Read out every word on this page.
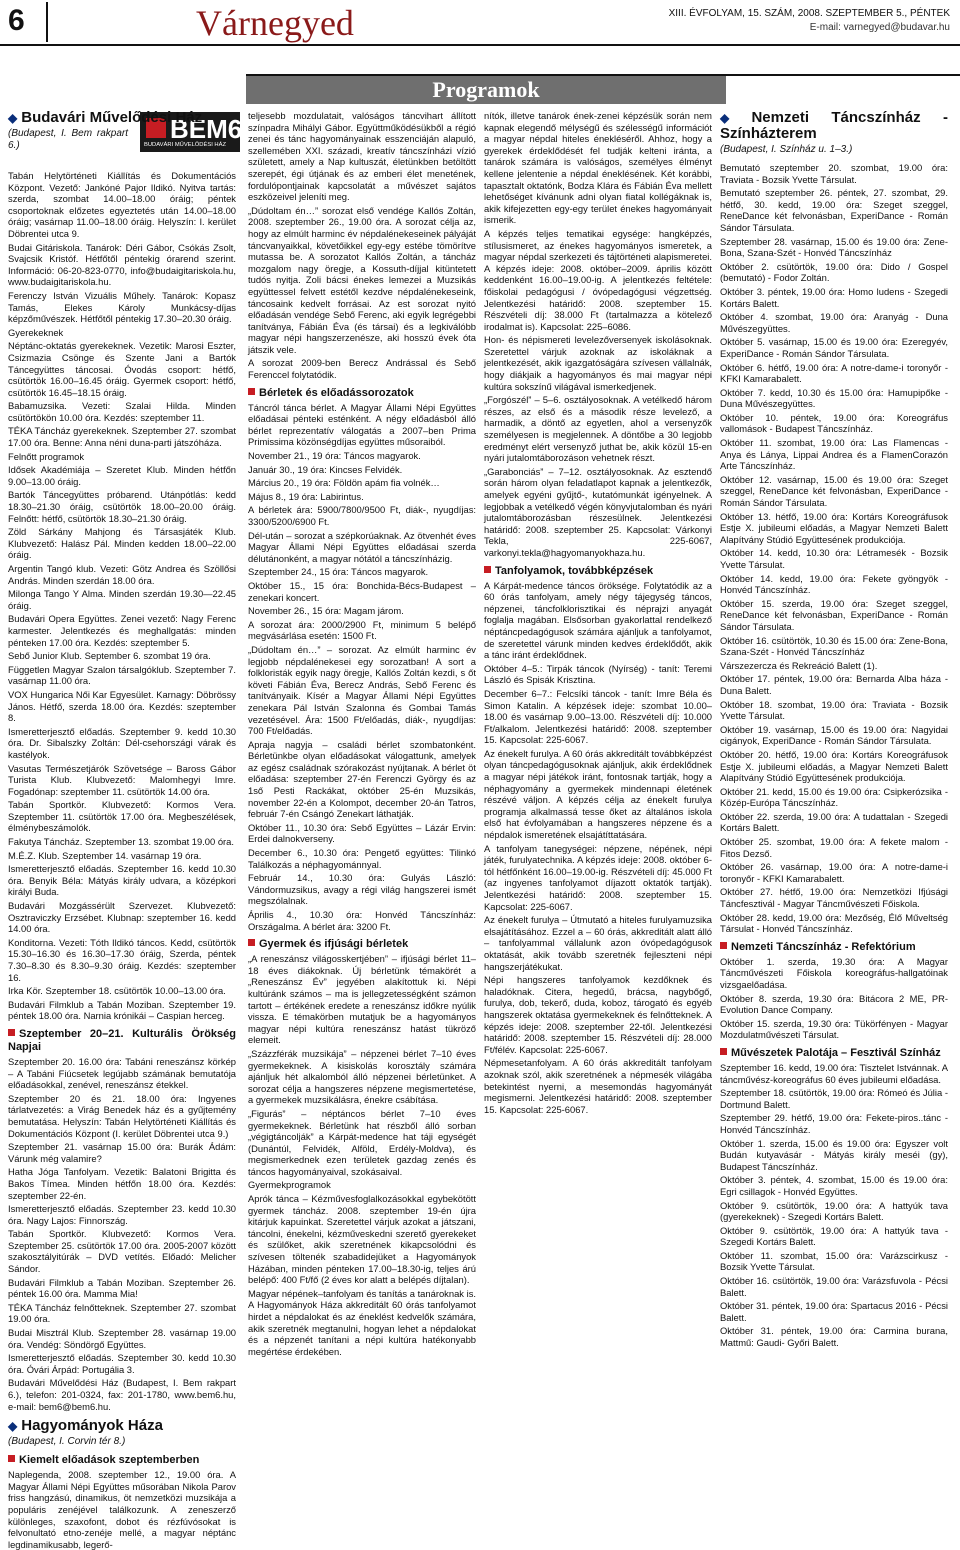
6	Várnegyed	XIII. ÉVFOLYAM, 15. SZÁM, 2008. SZEPTEMBER 5., PÉNTEK
E-mail: varnegyed@budavar.hu
Programok
BEM6
BUDAVÁRI MŰVELŐDÉSI HÁZ
◆ Budavári Művelődési Ház
(Budapest, I. Bem rakpart 6.)

Tabán Helytörténeti Kiállítás és Dokumentációs Központ. Vezető: Jankóné Pajor Ildikó. Nyitva tartás: szerda, szombat 14.00–18.00 óráig; péntek csoportoknak előzetes egyeztetés után 14.00–18.00 óráig; vasárnap 11.00–18.00 óráig. Helyszín: I. kerület Döbrentei utca 9.

Budai Gitáriskola. Tanárok: Déri Gábor, Csókás Zsolt, Svajcsik Kristóf. Hétfőtől péntekig órarend szerint. Információ: 06-20-823-0770, info@budaigitariskola.hu, www.budaigitariskola.hu.

Ferenczy István Vizuális Műhely. Tanárok: Kopasz Tamás, Elekes Károly Munkácsy-díjas képzőművészek. Hétfőtől péntekig 17.30–20.30 óráig.

Gyerekeknek

Néptánc-oktatás gyerekeknek. Vezetik: Marosi Eszter, Csizmazia Csönge és Szente Jani a Bartók Táncegyüttes táncosai. Óvodás csoport: hétfő, csütörtök 16.00–16.45 óráig. Gyermek csoport: hétfő, csütörtök 16.45–18.15 óráig.

Babamuzsika. Vezeti: Szalai Hilda. Minden csütörtökön 10.00 óra. Kezdés: szeptember 11.

TÉKA Táncház gyerekeknek. Szeptember 27. szombat 17.00 óra. Benne: Anna néni duna-parti játszóháza.

Felnőtt programok

Idősek Akadémiája – Szeretet Klub. Minden hétfőn 9.00–13.00 óráig.

Bartók Táncegyüttes próbarend. Utánpótlás: kedd 18.30–21.30 óráig, csütörtök 18.00–20.00 óráig. Felnőtt: hétfő, csütörtök 18.30–21.30 óráig.

Zöld Sárkány Mahjong és Társasjáték Klub. Klubvezető: Halász Pál. Minden kedden 18.00–22.00 óráig.

Argentin Tangó klub. Vezeti: Götz Andrea és Szöllősi András. Minden szerdán 18.00 óra.

Milonga Tango Y Alma. Minden szerdán 19.30—22.45 óráig.

Budavári Opera Együttes. Zenei vezető: Nagy Ferenc karmester. Jelentkezés és meghallgatás: minden pénteken 17.00 óra. Kezdés: szeptember 5.

Sebő Junior Klub. September 6. szombat 19 óra.

Független Magyar Szalon társalgóklub. Szeptember 7. vasárnap 11.00 óra.

VOX Hungarica Női Kar Egyesület. Karnagy: Döbrössy János. Hétfő, szerda 18.00 óra. Kezdés: szeptember 8.

Ismeretterjesztő előadás. Szeptember 9. kedd 10.30 óra. Dr. Sibalszky Zoltán: Dél-csehországi várak és kastélyok.

Vasutas Természetjárók Szövetsége – Baross Gábor Turista Klub. Klubvezető: Malomhegyi Imre. Fogadónap: szeptember 11. csütörtök 14.00 óra.

Tabán Sportkör. Klubvezető: Kormos Vera. Szeptember 11. csütörtök 17.00 óra. Megbeszélések, élménybeszámolók.

Fakutya Táncház. Szeptember 13. szombat 19.00 óra.

M.É.Z. Klub. Szeptember 14. vasárnap 19 óra.

Ismeretterjesztő előadás. Szeptember 16. kedd 10.30 óra. Benyik Béla: Mátyás király udvara, a középkori királyi Buda.

Budavári Mozgássérült Szervezet. Klubvezető: Osztraviczky Erzsébet. Klubnap: szeptember 16. kedd 14.00 óra.

Konditorna. Vezeti: Tóth Ildikó táncos. Kedd, csütörtök 15.30–16.30 és 16.30–17.30 óráig, Szerda, péntek 7.30–8.30 és 8.30–9.30 óráig. Kezdés: szeptember 16.

Irka Kör. Szeptember 18. csütörtök 10.00–13.00 óra.

Budavári Filmklub a Tabán Moziban. Szeptember 19. péntek 18.00 óra. Narnia krónikái – Caspian herceg.

Szeptember 20–21. Kulturális Örökség Napjai

Szeptember 20. 16.00 óra: Tabáni reneszánsz körkép – A Tabáni Fiúcsetek legújabb számának bemutatója előadásokkal, zenével, reneszánsz étekkel.

Szeptember 20 és 21. 18.00 óra: Ingyenes tárlatvezetés: a Virág Benedek ház és a gyűjtemény bemutatása. Helyszín: Tabán Helytörténeti Kiállítás és Dokumentációs Központ (I. kerület Döbrentei utca 9.)

Szeptember 21. vasárnap 15.00 óra: Burák Ádám: Várunk még valamire?

Hatha Jóga Tanfolyam. Vezetik: Balatoni Brigitta és Bakos Tímea. Minden hétfőn 18.00 óra. Kezdés: szeptember 22-én.

Ismeretterjesztő előadás. Szeptember 23. kedd 10.30 óra. Nagy Lajos: Finnország.

Tabán Sportkör. Klubvezető: Kormos Vera. Szeptember 25. csütörtök 17.00 óra. 2005-2007 között szakosztályitúrák – DVD vetítés. Előadó: Melicher Sándor.

Budavári Filmklub a Tabán Moziban. Szeptember 26. péntek 16.00 óra. Mamma Mia!

TÉKA Táncház felnőtteknek. Szeptember 27. szombat 19.00 óra.

Budai Misztrál Klub. Szeptember 28. vasárnap 19.00 óra. Vendég: Söndörgő Együttes.

Ismeretterjesztő előadás. Szeptember 30. kedd 10.30 óra. Óvári Árpád: Portugália 3.

Budavári Művelődési Ház (Budapest, I. Bem rakpart 6.), telefon: 201-0324, fax: 201-1780, www.bem6.hu, e-mail: bem6@bem6.hu.

◆ Hagyományok Háza
(Budapest, I. Corvin tér 8.)
Kiemelt előadások szeptemberben

Naplegenda, 2008. szeptember 12., 19.00 óra. A Magyar Állami Népi Együttes műsorában Nikola Parov friss hangzású, dinamikus, öt nemzetközi muzsikája a populáris zenéjével találkozunk. A zeneszerző különleges, szaxofont, dobot és rézfúvósokat is felvonultató etno-zenéje mellé, a magyar néptánc legdinamikusabb, legerő-

teljesebb mozdulatait, valóságos táncvihart állított színpadra Mihályi Gábor. Együttműködésükből a régió zenei és tánc hagyományainak esszenciáján alapuló, szellemében XXI. századi, kreatív táncszínházi vízió született, amely a Nap kultuszát, életünkben betöltött szerepét, égi útjának és az emberi élet menetének, fordulópontjainak kapcsolatát a művészet sajátos eszközeivel jeleníti meg.

„Dúdoltam én…” sorozat első vendége Kallós Zoltán, 2008. szeptember 26., 19.00 óra. A sorozat célja az, hogy az elmúlt harminc év népdalénekeseinek pályáját táncvanyaikkal, követőikkel egy-egy estébe tömörítve mutassa be. A sorozatot Kallós Zoltán, a táncház mozgalom nagy öregje, a Kossuth-díjjal kitüntetett tudós nyitja. Zoli bácsi énekes lemezei a Muzsikás együttessel felvett estétől kezdve népdalénekeseink, táncosaink kedvelt forrásai. Az est sorozat nyitó előadásán vendége Sebő Ferenc, aki egyik legrégebbi tanítványa, Fábián Éva (és társai) és a legkiválóbb magyar népi hangszerzenésze, aki hosszú évek óta játszik vele.

A sorozat 2009-ben Berecz Andrással és Sebő Ferenccel folytatódik.

Bérletek és előadássorozatok

Táncról tánca bérlet. A Magyar Állami Népi Együttes előadásai pénteki esténként. A négy előadásból álló bérlet reprezentatív válogatás a 2007–ben Prima Primissima közönségdíjas együttes műsoraiból.

November 21., 19 óra: Táncos magyarok.

Január 30., 19 óra: Kincses Felvidék.

Március 20., 19 óra: Földön apám fia volnék…

Május 8., 19 óra: Labirintus.

A bérletek ára: 5900/7800/9500 Ft, diák-, nyugdíjas: 3300/5200/6900 Ft.

Dél-után – sorozat a szépkorúaknak. Az ötvenhét éves Magyar Állami Népi Együttes előadásai szerda délutánonként, a magyar nótától a táncszínházig.

Szeptember 24., 15 óra: Táncos magyarok.

Október 15., 15 óra: Bonchida-Bécs-Budapest – zenekari koncert.

November 26., 15 óra: Magam járom.

A sorozat ára: 2000/2900 Ft, minimum 5 belépő megvásárlása esetén: 1500 Ft.

„Dúdoltam én…” – sorozat. Az elmúlt harminc év legjobb népdalénekesei egy sorozatban! A sort a folkloristák egyik nagy öregje, Kallós Zoltán kezdi, s őt követi Fábián Éva, Berecz András, Sebő Ferenc és tanítványaik. Kísér a Magyar Állami Népi Együttes zenekara Pál István Szalonna és Gombai Tamás vezetésével. Ára: 1500 Ft/előadás, diák-, nyugdíjas: 700 Ft/előadás.

Apraja nagyja – családi bérlet szombatonként. Bérletünkbe olyan előadásokat válogattunk, amelyek az egész családnak szórakozást nyújtanak. A bérlet öt előadása: szeptember 27-én Ferenczi György és az 1ső Pesti Rackákat, október 25-én Muzsikás, november 22-én a Kolompot, december 20-án Tatros, február 7-én Csángó Zenekart láthatják.

Október 11., 10.30 óra: Sebő Együttes – Lázár Ervin: Erdei dalnokverseny.

December 6., 10.30 óra: Pengető együttes: Tilinkó Találkozás a néphagyománnyal.

Február 14., 10.30 óra: Gulyás László: Vándormuzsikus, avagy a régi világ hangszerei ismét megszólalnak.

Április 4., 10.30 óra: Honvéd Táncszínház: Országalma. A bérlet ára: 3200 Ft.

Gyermek és ifjúsági bérletek

„A reneszánsz világosskertjében” – ifjúsági bérlet 11–18 éves diákoknak. Új bérletünk témakörét a „Reneszánsz Év” jegyében alakítottuk ki. Népi kultúránk számos – ma is jellegzetességként számon tartott – értékének eredete a reneszánsz időkre nyúlik vissza. E témakörben mutatjuk be a hagyományos magyar népi kultúra reneszánsz hatást tükröző elemeit.

„Százzférák muzsikája” – népzenei bérlet 7–10 éves gyermekeknek. A kisiskolás korosztály számára ajánljuk hét alkalomból álló népzenei bérletünket. A sorozat célja a hangszeres népzene megismertetése, a gyermekek muzsikálásra, énekre csábítása.

„Figurás” – néptáncos bérlet 7–10 éves gyermekeknek. Bérletünk hat részből álló sorban „végigtáncolják” a Kárpát-medence hat táji egységét (Dunántúl, Felvidék, Alföld, Erdély-Moldva), és megismerkednek ezen területek gazdag zenés és táncos hagyományaival, szokásaival.

Gyermekprogramok

Aprók tánca – Kézművesfoglalkozásokkal egybekötött gyermek táncház. 2008. szeptember 19-én újra kitárjuk kapuinkat. Szeretettel várjuk azokat a játszani, táncolni, énekelni, kézműveskedni szerető gyerekeket és szülőket, akik szeretnének kikapcsolódni és szívesen töltenék szabadidejüket a Hagyományok Házában, minden pénteken 17.00–18.30-ig, teljes árú belépő: 400 Ft/fő (2 éves kor alatt a belépés díjtalan).

Magyar népének–tanfolyam és tanítás a tanároknak is. A Hagyományok Háza akkreditált 60 órás tanfolyamot hirdet a népdalokat és az éneklést kedvelők számára, akik szeretnék megtanulni, hogyan lehet a népdalokat és a népzenét tanítani a népi kultúra hatékonyabb megértése érdekében.

nítók, illetve tanárok ének-zenei képzésük során nem kapnak elegendő mélységű és szélességű információt a magyar népdal hiteles énekléséről. Ahhoz, hogy a gyerekek érdeklődését fel tudják kelteni iránta, a tanárok számára is valóságos, személyes élményt kellene jelentenie a népdal éneklésének. Két korábbi, tapasztalt oktatónk, Bodza Klára és Fábián Éva mellett lehetőséget kívánunk adni olyan fiatal kollégáknak is, akik kifejezetten egy-egy terület énekes hagyományait ismerik.

A képzés teljes tematikai egysége: hangképzés, stílusismeret, az énekes hagyományos ismeretek, a magyar népdal szerkezeti és tájtörténeti alapismeretei. A képzés ideje: 2008. október–2009. április között keddenként 16.00–19.00-ig. A jelentkezés feltétele: főiskolai pedagógusi / óvópedagógusi végzettség. Jelentkezési határidő: 2008. szeptember 15. Részvételi díj: 38.000 Ft (tartalmazza a kötelező irodalmat is). Kapcsolat: 225–6086.

Hon- és népismereti levelezőversenyek iskolásoknak. Szeretettel várjuk azoknak az iskoláknak a jelentkezését, akik igazgatóságára szívesen vállalnák, hogy diákjaik a hagyományos és mai magyar népi kultúra sokszínű világával ismerkedjenek.

„Forgószél” – 5–6. osztályosoknak. A vetélkedő három részes, az első és a második része levelező, a harmadik, a döntő az egyetlen, ahol a versenyzők személyesen is megjelennek. A döntőbe a 30 legjobb eredményt elért versenyző juthat be, akik közül 15-en nyári jutalomtáborozáson vehetnek részt.

„Garabonciás” – 7–12. osztályosoknak. Az esztendő során három olyan feladatlapot kapnak a jelentkezők, amelyek egyéni gyűjtő-, kutatómunkát igényelnek. A legjobbak a vetélkedő végén könyvjutalomban és nyári jutalomtáborozásban részesülnek. Jelentkezési határidő: 2008. szeptember 25. Kapcsolat: Várkonyi Tekla, 225-6067, varkonyi.tekla@hagyomanyokhaza.hu.

Tanfolyamok, továbbképzések

A Kárpát-medence táncos öröksége. Folytatódik az a 60 órás tanfolyam, amely négy tájegység táncos, népzenei, táncfolklorisztikai és néprajzi anyagát foglalja magában. Elsősorban gyakorlattal rendelkező néptáncpedagógusok számára ajánljuk a tanfolyamot, de szeretettel várunk minden kedves érdeklődőt, akik a tánc iránt érdeklődnek.

Október 4–5.: Tirpák táncok (Nyírség) - tanít: Teremi László és Spisák Krisztina.

December 6–7.: Felcsíki táncok - tanít: Imre Béla és Simon Katalin. A képzések ideje: szombat 10.00–18.00 és vasárnap 9.00–13.00. Részvételi díj: 10.000 Ft/alkalom. Jelentkezési határidő: 2008. szeptember 15. Kapcsolat: 225-6067.

Az énekelt furulya. A 60 órás akkreditált továbbképzést olyan táncpedagógusoknak ajánljuk, akik érdeklődnek a magyar népi játékok iránt, fontosnak tartják, hogy a néphagyomány a gyermekek mindennapi életének részévé váljon. A képzés célja az énekelt furulya programja alkalmassá tesse őket az általános iskola első hat évfolyamában a hangszeres népzene és a népdalok ismeretének elsajátíttatására.

A tanfolyam tanegységei: népzene, népének, népi játék, furulyatechnika. A képzés ideje: 2008. október 6-tól hétfőnként 16.00–19.00-ig. Részvételi díj: 45.000 Ft (az ingyenes tanfolyamot díjazott oktatók tartják). Jelentkezési határidő: 2008. szeptember 15. Kapcsolat: 225-6067.

Az énekelt furulya – Útmutató a hiteles furulyamuzsika elsajátításához. Ezzel a – 60 órás, akkreditált alatt álló – tanfolyammal vállalunk azon óvópedagógusok oktatását, akik tovább szeretnék fejleszteni népi hangszerjátékukat.

Népi hangszeres tanfolyamok kezdőknek és haladóknak. Citera, hegedű, brácsa, nagybőgő, furulya, dob, tekerő, duda, koboz, tárogató és egyéb hangszerek oktatása gyermekeknek és felnőtteknek. A képzés ideje: 2008. szeptember 22-től. Jelentkezési határidő: 2008. szeptember 15. Részvételi díj: 28.000 Ft/félév. Kapcsolat: 225-6067.

Népmesetanfolyam. A 60 órás akkreditált tanfolyam azoknak szól, akik szeretnének a népmesék világába betekintést nyerni, a mesemondás hagyományát megismerni. Jelentkezési határidő: 2008. szeptember 15. Kapcsolat: 225-6067.

◆ Nemzeti Táncszínház - Színházterem
(Budapest, I. Színház u. 1–3.)

Bemutató szeptember 20. szombat, 19.00 óra: Traviata - Bozsik Yvette Társulat.

Bemutató szeptember 26. péntek, 27. szombat, 29. hétfő, 30. kedd, 19.00 óra: Szeget szeggel, ReneDance két felvonásban, ExperiDance - Román Sándor Társulata.

Szeptember 28. vasárnap, 15.00 és 19.00 óra: Zene-Bona, Szana-Szét - Honvéd Táncszínház

Október 2. csütörtök, 19.00 óra: Dido / Gospel (bemutató) - Fodor Zoltán.

Október 3. péntek, 19.00 óra: Homo ludens - Szegedi Kortárs Balett.

Október 4. szombat, 19.00 óra: Aranyág - Duna Művészegyüttes.

Október 5. vasárnap, 15.00 és 19.00 óra: Ezeregyév, ExperiDance - Román Sándor Társulata.

Október 6. hétfő, 19.00 óra: A notre-dame-i toronyőr - KFKI Kamarabalett.

Október 7. kedd, 10.30 és 15.00 óra: Hamupipőke - Duna Művészegyüttes.

Október 10. péntek, 19.00 óra: Koreográfus vallomások - Budapest Táncszínház.

Október 11. szombat, 19.00 óra: Las Flamencas - Anya és Lánya, Lippai Andrea és a FlamenCorazón Arte Táncszínház.

Október 12. vasárnap, 15.00 és 19.00 óra: Szeget szeggel, ReneDance két felvonásban, ExperiDance - Román Sándor Társulata.

Október 13. hétfő, 19.00 óra: Kortárs Koreográfusok Estje X. jubileumi előadás, a Magyar Nemzeti Balett Alapítvány Stúdió Együttesének produkciója.

Október 14. kedd, 10.30 óra: Létramesék - Bozsik Yvette Társulat.

Október 14. kedd, 19.00 óra: Fekete gyöngyök - Honvéd Táncszínház.

Október 15. szerda, 19.00 óra: Szeget szeggel, ReneDance két felvonásban, ExperiDance - Román Sándor Társulata.

Október 16. csütörtök, 10.30 és 15.00 óra: Zene-Bona, Szana-Szét - Honvéd Táncszínház

Várszezercza és Rekreáció Balett (1).

Október 17. péntek, 19.00 óra: Bernarda Alba háza - Duna Balett.

Október 18. szombat, 19.00 óra: Traviata - Bozsik Yvette Társulat.

Október 19. vasárnap, 15.00 és 19.00 óra: Nagyidai cigányok, ExperiDance - Román Sándor Társulata.

Október 20. hétfő, 19.00 óra: Kortárs Koreográfusok Estje X. jubileumi előadás, a Magyar Nemzeti Balett Alapítvány Stúdió Együttesének produkciója.

Október 21. kedd, 15.00 és 19.00 óra: Csipkerózsika - Közép-Európa Táncszínház.

Október 22. szerda, 19.00 óra: A tudattalan - Szegedi Kortárs Balett.

Október 25. szombat, 19.00 óra: A fekete malom - Fitos Dezső.

Október 26. vasárnap, 19.00 óra: A notre-dame-i toronyőr - KFKI Kamarabalett.

Október 27. hétfő, 19.00 óra: Nemzetközi Ifjúsági Táncfesztivál - Magyar Táncművészeti Főiskola.

Október 28. kedd, 19.00 óra: Mezőség, Élő Műveltség Társulat - Honvéd Táncszínház.

Nemzeti Táncszínház - Refektórium

Október 1. szerda, 19.30 óra: A Magyar Táncművészeti Főiskola koreográfus-hallgatóinak vizsgaelőadása.

Október 8. szerda, 19.30 óra: Bitácora 2 ME, PR-Evolution Dance Company.

Október 15. szerda, 19.30 óra: Tükörfényen - Magyar Mozdulatművészeti Társulat.

Művészetek Palotája – Fesztivál Színház

Szeptember 16. kedd, 19.00 óra: Tisztelet Istvánnak. A táncművész-koreográfus 60 éves jubileumi előadása.

Szeptember 18. csütörtök, 19.00 óra: Rómeó és Júlia - Dortmund Balett.

Szeptember 29. hétfő, 19.00 óra: Fekete-piros..tánc - Honvéd Táncszínház.

Október 1. szerda, 15.00 és 19.00 óra: Egyszer volt Budán kutyavásár - Mátyás király meséi (gy), Budapest Táncszínház.

Október 3. péntek, 4. szombat, 15.00 és 19.00 óra: Egri csillagok - Honvéd Együttes.

Október 9. csütörtök, 19.00 óra: A hattyúk tava (gyerekeknek) - Szegedi Kortárs Balett.

Október 9. csütörtök, 19.00 óra: A hattyúk tava - Szegedi Kortárs Balett.

Október 11. szombat, 15.00 óra: Varázscirkusz - Bozsik Yvette Társulat.

Október 16. csütörtök, 19.00 óra: Varázsfuvola - Pécsi Balett.

Október 31. péntek, 19.00 óra: Spartacus 2016 - Pécsi Balett.

Október 31. péntek, 19.00 óra: Carmina burana, Mattmű: Gaudi- Győri Balett.
